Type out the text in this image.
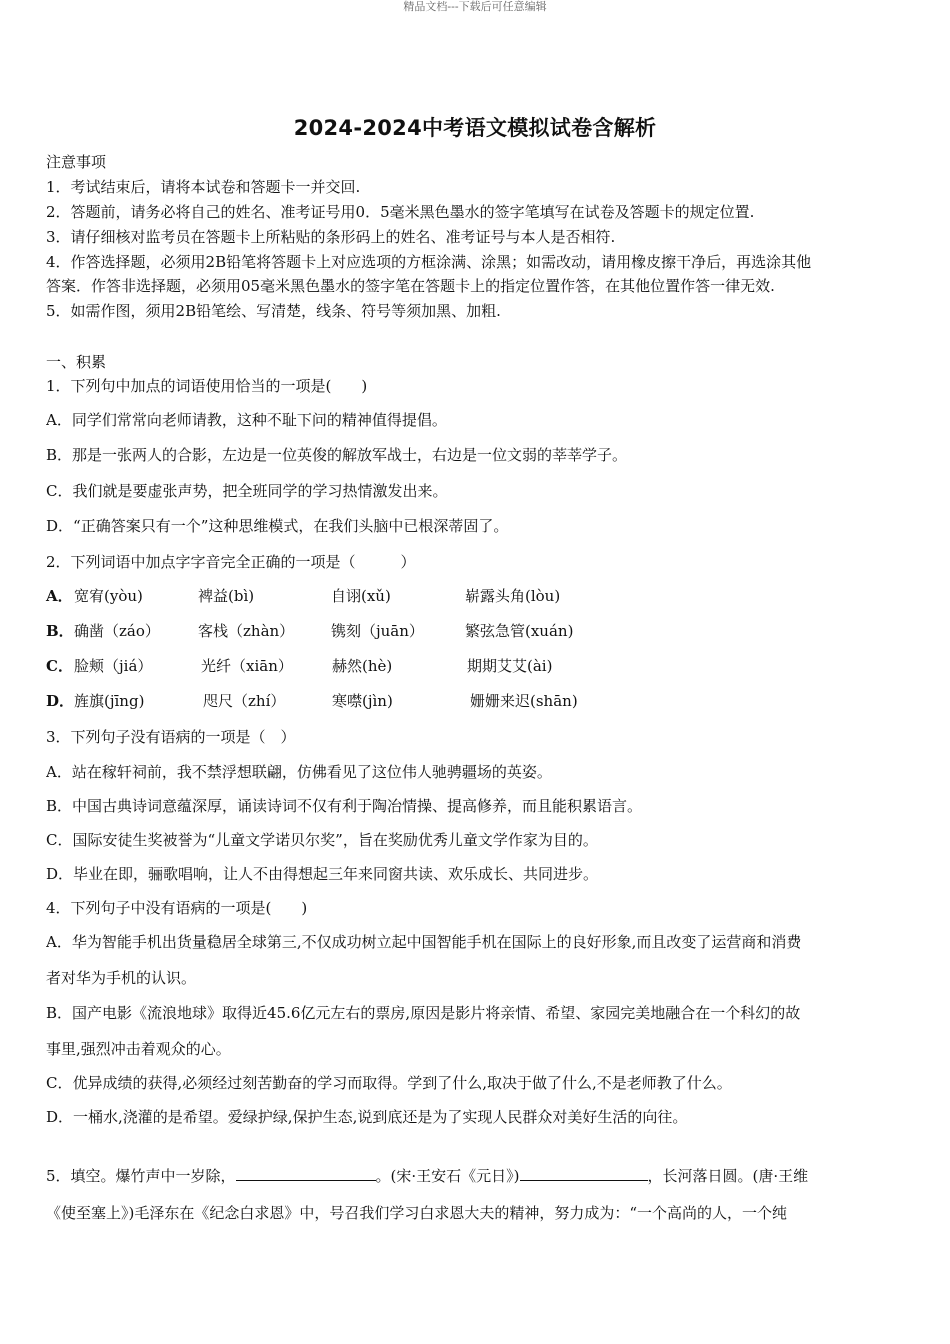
精品文档---下载后可任意编辑
2024-2024中考语文模拟试卷含解析
注意事项
1．考试结束后，请将本试卷和答题卡一并交回.
2．答题前，请务必将自己的姓名、准考证号用0．5毫米黑色墨水的签字笔填写在试卷及答题卡的规定位置.
3．请仔细核对监考员在答题卡上所粘贴的条形码上的姓名、准考证号与本人是否相符.
4．作答选择题，必须用2B铅笔将答题卡上对应选项的方框涂满、涂黑；如需改动，请用橡皮擦干净后，再选涂其他
答案．作答非选择题，必须用05毫米黑色墨水的签字笔在答题卡上的指定位置作答，在其他位置作答一律无效.
5．如需作图，须用2B铅笔绘、写清楚，线条、符号等须加黑、加粗.
一、积累
1．下列句中加点的词语使用恰当的一项是(　　)
A．同学们常常向老师请教，这种不耻下问的精神值得提倡。
B．那是一张两人的合影，左边是一位英俊的解放军战士，右边是一位文弱的莘莘学子。
C．我们就是要虚张声势，把全班同学的学习热情激发出来。
D．“正确答案只有一个”这种思维模式，在我们头脑中已根深蒂固了。
2．下列词语中加点字字音完全正确的一项是（　　　）
A． 宽宥(yòu)	裨益(bì)	自诩(xǔ)	崭露头角(lòu)
B． 确凿（záo）	客栈（zhàn） 镌刻（juān）	繁弦急管(xuán)
C． 脸颊（jiá）	光纤（xiān）	赫然(hè)	期期艾艾(ài)
D． 旌旗(jīng)	咫尺（zhí）	寒噤(jìn)	姗姗来迟(shān)
3．下列句子没有语病的一项是（　）
A．站在稼轩祠前，我不禁浮想联翩，仿佛看见了这位伟人驰骋疆场的英姿。
B．中国古典诗词意蕴深厚，诵读诗词不仅有利于陶冶情操、提高修养，而且能积累语言。
C．国际安徒生奖被誉为“儿童文学诺贝尔奖”，旨在奖励优秀儿童文学作家为目的。
D．毕业在即，骊歌唱响，让人不由得想起三年来同窗共读、欢乐成长、共同进步。
4．下列句子中没有语病的一项是(　　)
A．华为智能手机出货量稳居全球第三,不仅成功树立起中国智能手机在国际上的良好形象,而且改变了运营商和消费
者对华为手机的认识。
B．国产电影《流浪地球》取得近45.6亿元左右的票房,原因是影片将亲情、希望、家园完美地融合在一个科幻的故
事里,强烈冲击着观众的心。
C．优异成绩的获得,必须经过刻苦勤奋的学习而取得。学到了什么,取决于做了什么,不是老师教了什么。
D．一桶水,浇灌的是希望。爱绿护绿,保护生态,说到底还是为了实现人民群众对美好生活的向往。
5．填空。爆竹声中一岁除，	。(宋·王安石《元日》)	，长河落日圆。(唐·王维
《使至塞上》)毛泽东在《纪念白求恩》中，号召我们学习白求恩大夫的精神，努力成为：“一个高尚的人，一个纯
